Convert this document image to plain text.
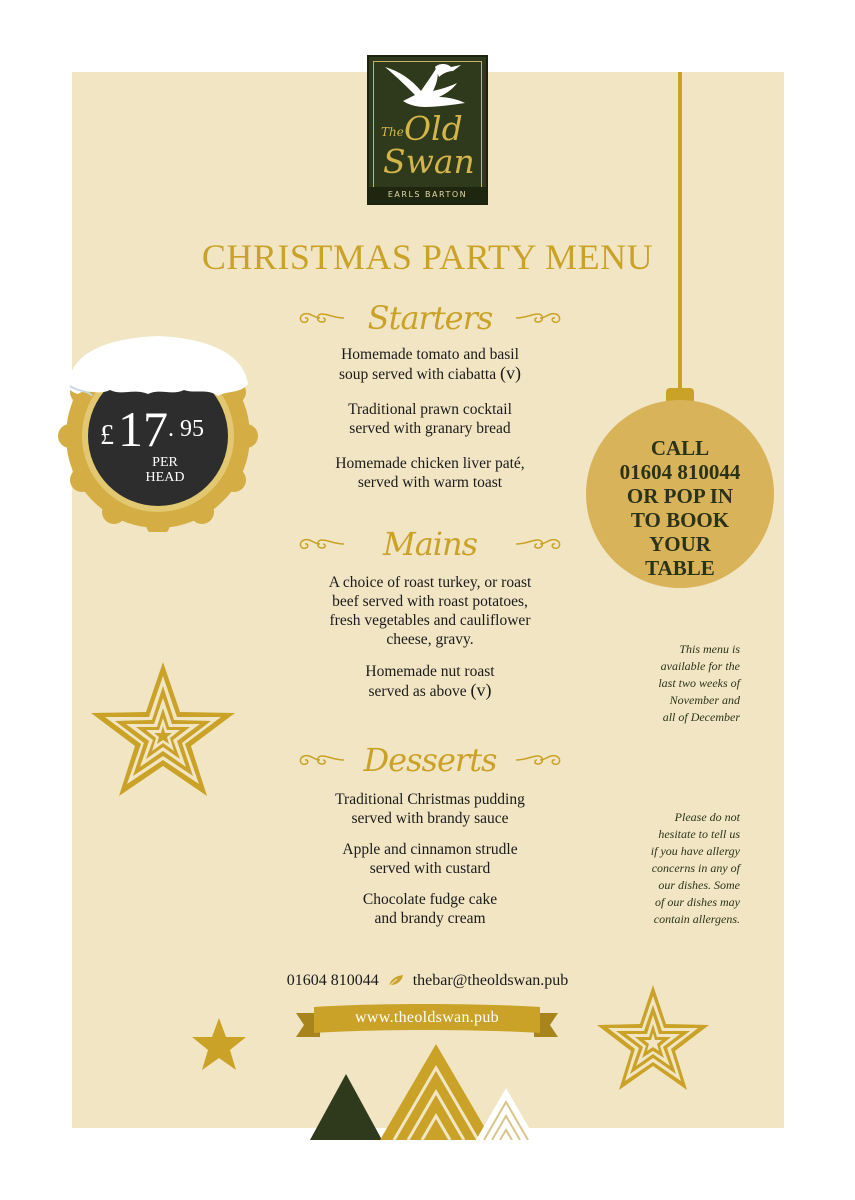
CALL
01604 810044
OR POP IN
TO BOOK
YOUR
TABLE
The Old
Swan
EARLS BARTON
CHRISTMAS PARTY MENU
Starters
Homemade tomato and basil
soup served with ciabatta (v)
Traditional prawn cocktail
served with granary bread
Homemade chicken liver paté,
served with warm toast
Mains
A choice of roast turkey, or roast
beef served with roast potatoes,
fresh vegetables and cauliflower
cheese, gravy.
Homemade nut roast
served as above (v)
Desserts
Traditional Christmas pudding
served with brandy sauce
Apple and cinnamon strudle
served with custard
Chocolate fudge cake
and brandy cream
£ 17 . 95
PER
HEAD
This menu is
available for the
last two weeks of
November and
all of December
Please do not
hesitate to tell us
if you have allergy
concerns in any of
our dishes. Some
of our dishes may
contain allergens.
01604 810044 thebar@theoldswan.pub
www.theoldswan.pub
